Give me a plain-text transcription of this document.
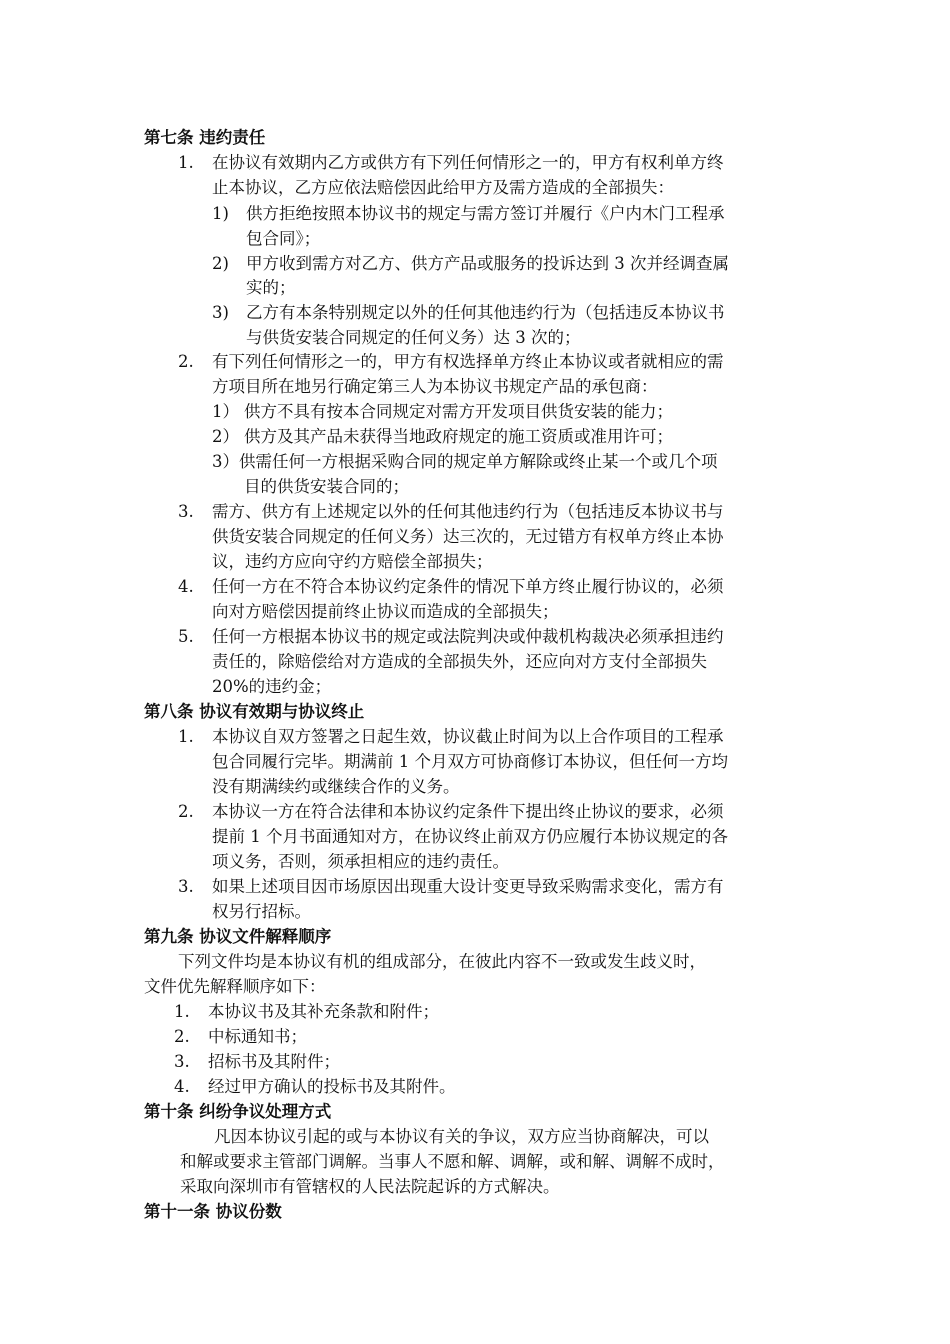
第七条 违约责任
1. 在协议有效期内乙方或供方有下列任何情形之一的，甲方有权利单方终
止本协议，乙方应依法赔偿因此给甲方及需方造成的全部损失：
1) 供方拒绝按照本协议书的规定与需方签订并履行《户内木门工程承
包合同》；
2) 甲方收到需方对乙方、供方产品或服务的投诉达到 3 次并经调查属
实的；
3) 乙方有本条特别规定以外的任何其他违约行为（包括违反本协议书
与供货安装合同规定的任何义务）达 3 次的；
2. 有下列任何情形之一的，甲方有权选择单方终止本协议或者就相应的需
方项目所在地另行确定第三人为本协议书规定产品的承包商：
1） 供方不具有按本合同规定对需方开发项目供货安装的能力；
2） 供方及其产品未获得当地政府规定的施工资质或准用许可；
3）供需任何一方根据采购合同的规定单方解除或终止某一个或几个项
目的供货安装合同的；
3. 需方、供方有上述规定以外的任何其他违约行为（包括违反本协议书与
供货安装合同规定的任何义务）达三次的，无过错方有权单方终止本协
议，违约方应向守约方赔偿全部损失；
4. 任何一方在不符合本协议约定条件的情况下单方终止履行协议的，必须
向对方赔偿因提前终止协议而造成的全部损失；
5. 任何一方根据本协议书的规定或法院判决或仲裁机构裁决必须承担违约
责任的，除赔偿给对方造成的全部损失外，还应向对方支付全部损失
20%的违约金；
第八条 协议有效期与协议终止
1. 本协议自双方签署之日起生效，协议截止时间为以上合作项目的工程承
包合同履行完毕。期满前 1 个月双方可协商修订本协议，但任何一方均
没有期满续约或继续合作的义务。
2. 本协议一方在符合法律和本协议约定条件下提出终止协议的要求，必须
提前 1 个月书面通知对方，在协议终止前双方仍应履行本协议规定的各
项义务，否则，须承担相应的违约责任。
3. 如果上述项目因市场原因出现重大设计变更导致采购需求变化，需方有
权另行招标。
第九条 协议文件解释顺序
下列文件均是本协议有机的组成部分，在彼此内容不一致或发生歧义时，
文件优先解释顺序如下：
1. 本协议书及其补充条款和附件；
2. 中标通知书；
3. 招标书及其附件；
4. 经过甲方确认的投标书及其附件。
第十条 纠纷争议处理方式
凡因本协议引起的或与本协议有关的争议，双方应当协商解决，可以
和解或要求主管部门调解。当事人不愿和解、调解，或和解、调解不成时，
采取向深圳市有管辖权的人民法院起诉的方式解决。
第十一条 协议份数
